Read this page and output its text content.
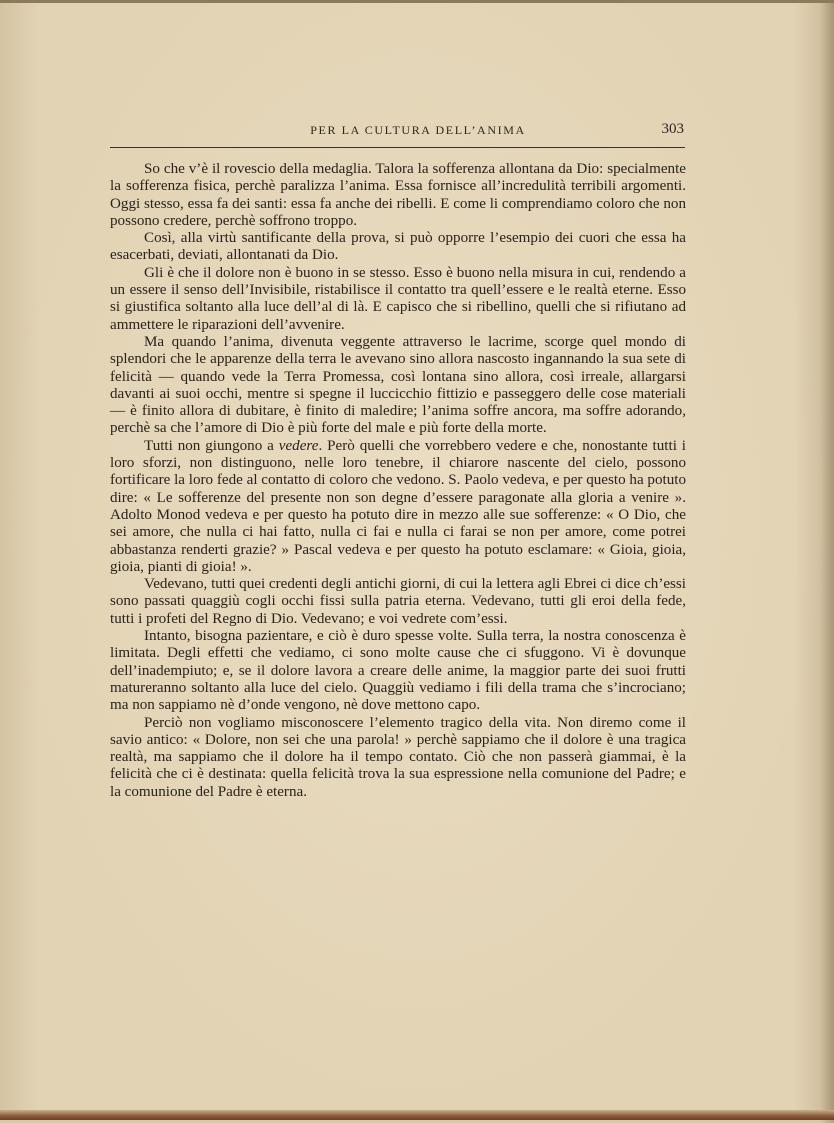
PER LA CULTURA DELL’ANIMA	303

So che v’è il rovescio della medaglia. Talora la sofferenza allontana da Dio: specialmente la sofferenza fisica, perchè paralizza l’anima. Essa fornisce all’incredulità terribili argomenti. Oggi stesso, essa fa dei santi: essa fa anche dei ribelli. E come li comprendiamo coloro che non possono credere, perchè soffrono troppo.

Così, alla virtù santificante della prova, si può opporre l’esempio dei cuori che essa ha esacerbati, deviati, allontanati da Dio.

Gli è che il dolore non è buono in se stesso. Esso è buono nella misura in cui, rendendo a un essere il senso dell’Invisibile, ristabilisce il contatto tra quell’essere e le realtà eterne. Esso si giustifica soltanto alla luce dell’al di là. E capisco che si ribellino, quelli che si rifiutano ad ammettere le riparazioni dell’avvenire.

Ma quando l’anima, divenuta veggente attraverso le lacrime, scorge quel mondo di splendori che le apparenze della terra le avevano sino allora nascosto ingannando la sua sete di felicità — quando vede la Terra Promessa, così lontana sino allora, così irreale, allargarsi davanti ai suoi occhi, mentre si spegne il luccicchio fittizio e passeggero delle cose materiali — è finito allora di dubitare, è finito di maledire; l’anima soffre ancora, ma soffre adorando, perchè sa che l’amore di Dio è più forte del male e più forte della morte.

Tutti non giungono a vedere. Però quelli che vorrebbero vedere e che, nonostante tutti i loro sforzi, non distinguono, nelle loro tenebre, il chiarore nascente del cielo, possono fortificare la loro fede al contatto di coloro che vedono. S. Paolo vedeva, e per questo ha potuto dire: « Le sofferenze del presente non son degne d’essere paragonate alla gloria a venire ». Adolto Monod vedeva e per questo ha potuto dire in mezzo alle sue sofferenze: « O Dio, che sei amore, che nulla ci hai fatto, nulla ci fai e nulla ci farai se non per amore, come potrei abbastanza renderti grazie? » Pascal vedeva e per questo ha potuto esclamare: « Gioia, gioia, gioia, pianti di gioia! ».

Vedevano, tutti quei credenti degli antichi giorni, di cui la lettera agli Ebrei ci dice ch’essi sono passati quaggiù cogli occhi fissi sulla patria eterna. Vedevano, tutti gli eroi della fede, tutti i profeti del Regno di Dio. Vedevano; e voi vedrete com’essi.

Intanto, bisogna pazientare, e ciò è duro spesse volte. Sulla terra, la nostra conoscenza è limitata. Degli effetti che vediamo, ci sono molte cause che ci sfuggono. Vi è dovunque dell’inadempiuto; e, se il dolore lavora a creare delle anime, la maggior parte dei suoi frutti matureranno soltanto alla luce del cielo. Quaggiù vediamo i fili della trama che s’incrociano; ma non sappiamo nè d’onde vengono, nè dove mettono capo.

Perciò non vogliamo misconoscere l’elemento tragico della vita. Non diremo come il savio antico: « Dolore, non sei che una parola! » perchè sappiamo che il dolore è una tragica realtà, ma sappiamo che il dolore ha il tempo contato. Ciò che non passerà giammai, è la felicità che ci è destinata: quella felicità trova la sua espressione nella comunione del Padre; e la comunione del Padre è eterna.
